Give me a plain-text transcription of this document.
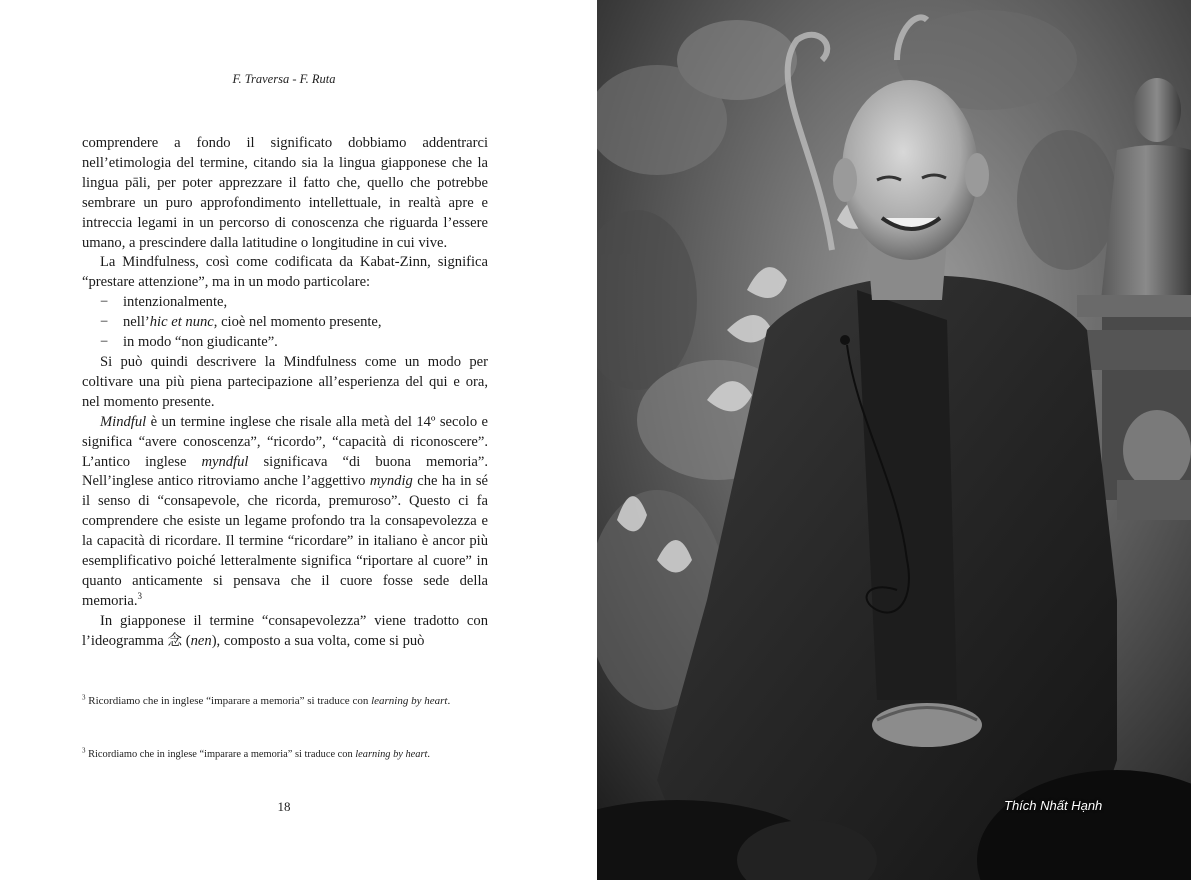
F. Traversa - F. Ruta

comprendere a fondo il significato dobbiamo addentrarci nell’etimologia del termine, citando sia la lingua giapponese che la lingua pāli, per poter apprezzare il fatto che, quello che potrebbe sembrare un puro approfondimento intellettuale, in realtà apre e intreccia legami in un percorso di conoscenza che riguarda l’essere umano, a prescindere dalla latitudine o longitudine in cui vive.

La Mindfulness, così come codificata da Kabat-Zinn, significa “prestare attenzione”, ma in un modo particolare:

− intenzionalmente,
− nell’hic et nunc, cioè nel momento presente,
− in modo “non giudicante”.

Si può quindi descrivere la Mindfulness come un modo per coltivare una più piena partecipazione all’esperienza del qui e ora, nel momento presente.

Mindful è un termine inglese che risale alla metà del 14º secolo e significa “avere conoscenza”, “ricordo”, “capacità di riconoscere”. L’antico inglese myndful significava “di buona memoria”. Nell’inglese antico ritroviamo anche l’aggettivo myndig che ha in sé il senso di “consapevole, che ricorda, premuroso”. Questo ci fa comprendere che esiste un legame profondo tra la consapevolezza e la capacità di ricordare. Il termine “ricordare” in italiano è ancor più esemplificativo poiché letteralmente significa “riportare al cuore” in quanto anticamente si pensava che il cuore fosse sede della memoria.$^3$

In giapponese il termine “consapevolezza” viene tradotto con l’ideogramma 念 (nen), composto a sua volta, come si può

$^3$ Ricordiamo che in inglese “imparare a memoria” si traduce con learning by heart.
$^3$ Ricordiamo che in inglese “imparare a memoria” si traduce con learning by heart.
18	Thích Nhất Hạnh
